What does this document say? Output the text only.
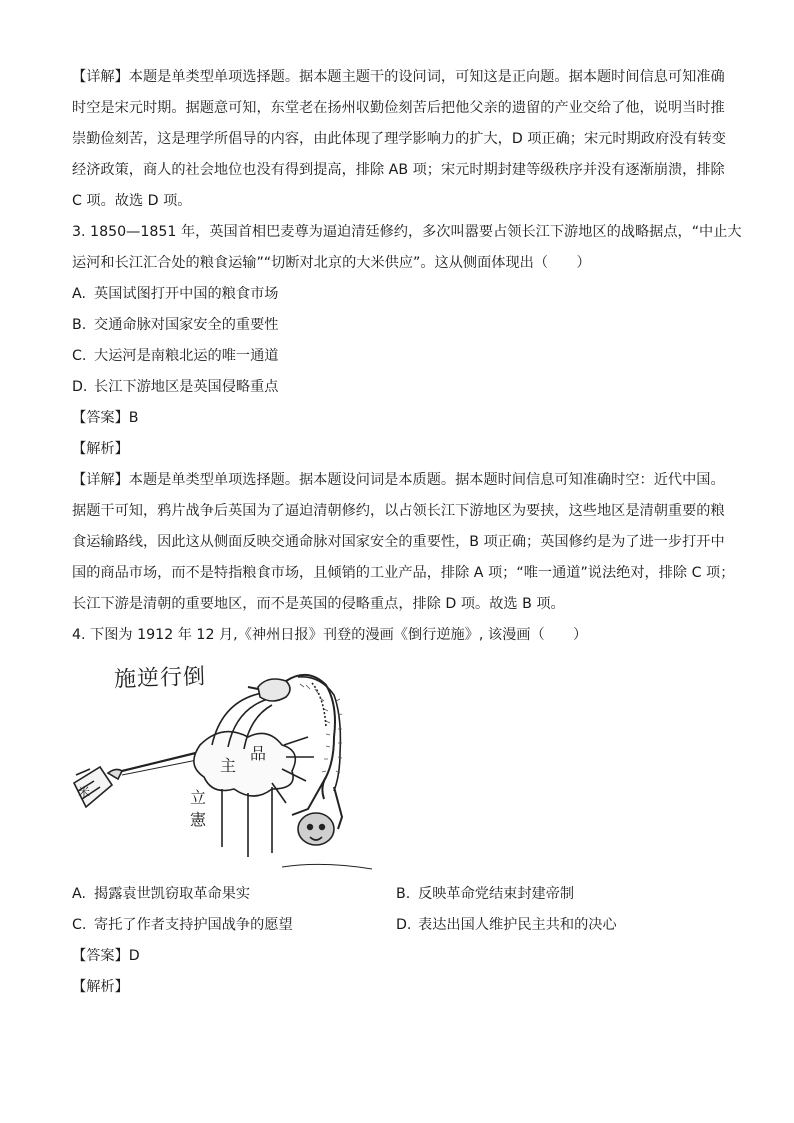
【详解】本题是单类型单项选择题。据本题主题干的设问词，可知这是正向题。据本题时间信息可知准确
时空是宋元时期。据题意可知，东堂老在扬州収勤俭刻苦后把他父亲的遗留的产业交给了他，说明当时推
崇勤俭刻苦，这是理学所倡导的内容，由此体现了理学影响力的扩大，D 项正确；宋元时期政府没有转变
经济政策，商人的社会地位也没有得到提高，排除 AB 项；宋元时期封建等级秩序并没有逐渐崩溃，排除
C 项。故选 D 项。

3. 1850—1851 年，英国首相巴麦尊为逼迫清廷修约，多次叫嚣要占领长江下游地区的战略据点，“中止大
运河和长江汇合处的粮食运输”“切断对北京的大米供应”。这从侧面体现出（　　）

A. 英国试图打开中国的粮食市场

B. 交通命脉对国家安全的重要性

C. 大运河是南粮北运的唯一通道

D. 长江下游地区是英国侵略重点

【答案】B

【解析】

【详解】本题是单类型单项选择题。据本题设问词是本质题。据本题时间信息可知准确时空：近代中国。
据题干可知，鸦片战争后英国为了逼迫清朝修约，以占领长江下游地区为要挟，这些地区是清朝重要的粮
食运输路线，因此这从侧面反映交通命脉对国家安全的重要性，B 项正确；英国修约是为了进一步打开中
国的商品市场，而不是特指粮食市场，且倾销的工业产品，排除 A 项；“唯一通道”说法绝对，排除 C 项；
长江下游是清朝的重要地区，而不是英国的侵略重点，排除 D 项。故选 B 项。

4. 下图为 1912 年 12 月,《神州日报》刊登的漫画《倒行逆施》, 该漫画（　　）

施逆行倒
米
主
品
立
憲
A. 揭露袁世凯窃取革命果实	B. 反映革命党结束封建帝制
C. 寄托了作者支持护国战争的愿望	D. 表达出国人维护民主共和的决心

【答案】D

【解析】
